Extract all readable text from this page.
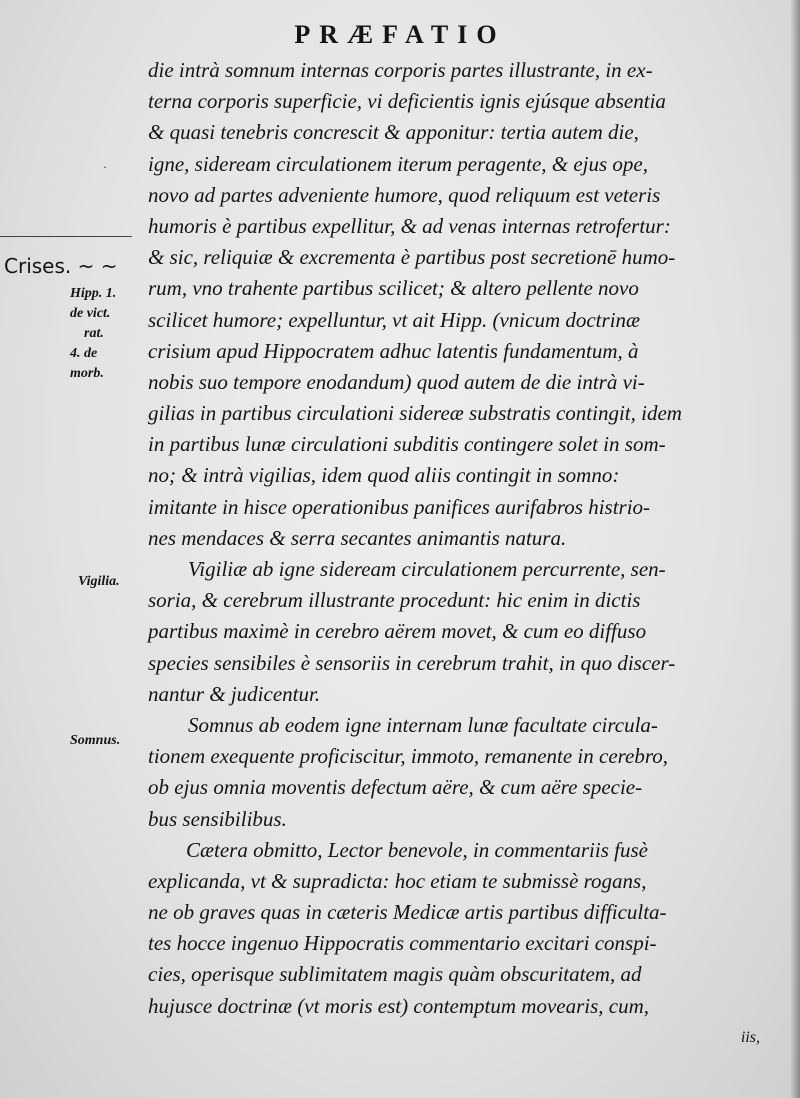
PRÆFATIO
·
Crises. ~ ~
Hipp. 1.
de vict.
rat.
4. de
morb.
Vigilia.
Somnus.
die intrà somnum internas corporis partes illustrante, in ex-
terna corporis superficie, vi deficientis ignis ejúsque absentia
& quasi tenebris concrescit & apponitur: tertia autem die,
igne, sideream circulationem iterum peragente, & ejus ope,
novo ad partes adveniente humore, quod reliquum est veteris
humoris è partibus expellitur, & ad venas internas retrofertur:
& sic, reliquiæ & excrementa è partibus post secretionē humo-
rum, vno trahente partibus scilicet; & altero pellente novo
scilicet humore; expelluntur, vt ait Hipp. (vnicum doctrinæ
crisium apud Hippocratem adhuc latentis fundamentum, à
nobis suo tempore enodandum) quod autem de die intrà vi-
gilias in partibus circulationi sidereæ substratis contingit, idem
in partibus lunæ circulationi subditis contingere solet in som-
no; & intrà vigilias, idem quod aliis contingit in somno:
imitante in hisce operationibus panifices aurifabros histrio-
nes mendaces & serra secantes animantis natura.
Vigiliæ ab igne sideream circulationem percurrente, sen-
soria, & cerebrum illustrante procedunt: hic enim in dictis
partibus maximè in cerebro aërem movet, & cum eo diffuso
species sensibiles è sensoriis in cerebrum trahit, in quo discer-
nantur & judicentur.
Somnus ab eodem igne internam lunæ facultate circula-
tionem exequente proficiscitur, immoto, remanente in cerebro,
ob ejus omnia moventis defectum aëre, & cum aëre specie-
bus sensibilibus.
Cætera obmitto, Lector benevole, in commentariis fusè
explicanda, vt & supradicta: hoc etiam te submissè rogans,
ne ob graves quas in cæteris Medicæ artis partibus difficulta-
tes hocce ingenuo Hippocratis commentario excitari conspi-
cies, operisque sublimitatem magis quàm obscuritatem, ad
hujusce doctrinæ (vt moris est) contemptum movearis, cum,
iis,
